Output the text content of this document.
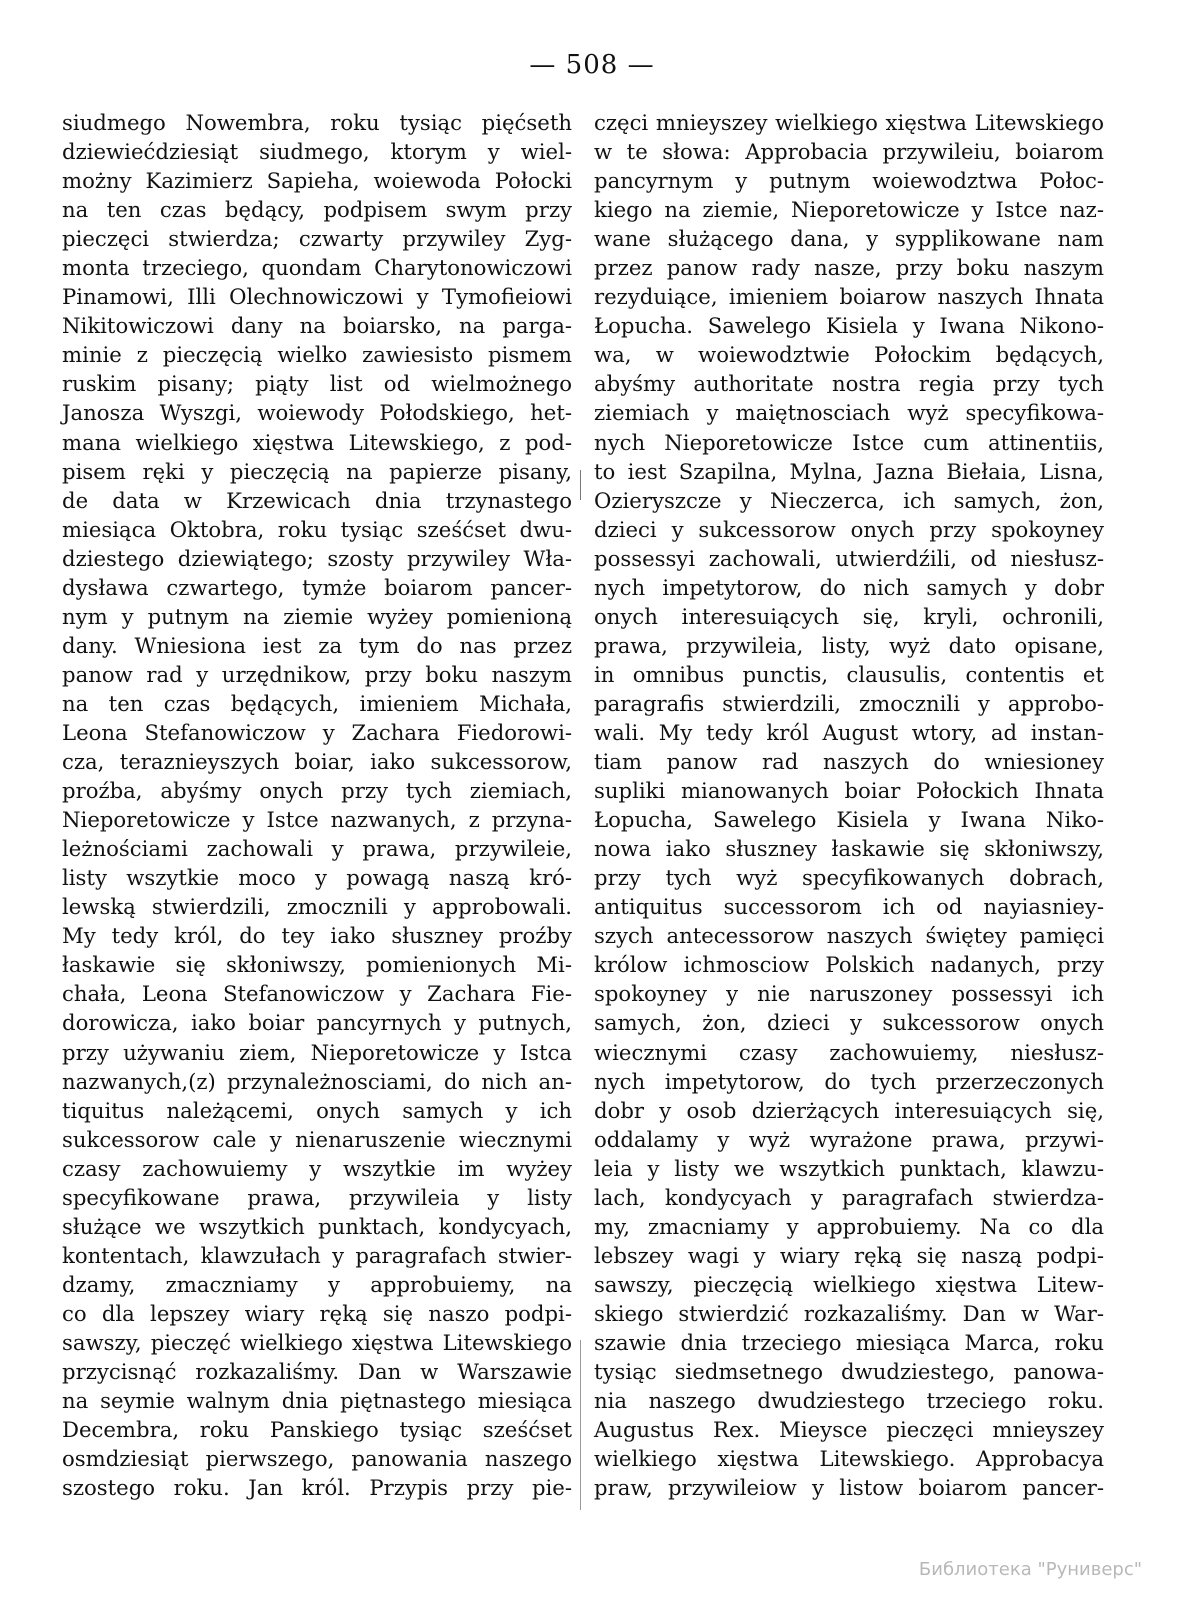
— 508 —
siudmego Nowembra, roku tysiąc pięćseth
dziewiećdziesiąt siudmego, ktorym y wiel-
możny Kazimierz Sapieha, woiewoda Połocki
na ten czas będący, podpisem swym przy
pieczęci stwierdza; czwarty przywiley Zyg-
monta trzeciego, quondam Charytonowiczowi
Pinamowi, Illi Olechnowiczowi y Tymofieiowi
Nikitowiczowi dany na boiarsko, na parga-
minie z pieczęcią wielko zawiesisto pismem
ruskim pisany; piąty list od wielmożnego
Janosza Wyszgi, woiewody Połodskiego, het-
mana wielkiego xięstwa Litewskiego, z pod-
pisem ręki y pieczęcią na papierze pisany,
de data w Krzewicach dnia trzynastego
miesiąca Oktobra, roku tysiąc sześćset dwu-
dziestego dziewiątego; szosty przywiley Wła-
dysława czwartego, tymże boiarom pancer-
nym y putnym na ziemie wyżey pomienioną
dany. Wniesiona iest za tym do nas przez
panow rad y urzędnikow, przy boku naszym
na ten czas będących, imieniem Michała,
Leona Stefanowiczow y Zachara Fiedorowi-
cza, teraznieyszych boiar, iako sukcessorow,
proźba, abyśmy onych przy tych ziemiach,
Nieporetowicze y Istce nazwanych, z przyna-
leżnościami zachowali y prawa, przywileie,
listy wszytkie moco y powagą naszą kró-
lewską stwierdzili, zmocznili y approbowali.
My tedy król, do tey iako słuszney proźby
łaskawie się skłoniwszy, pomienionych Mi-
chała, Leona Stefanowiczow y Zachara Fie-
dorowicza, iako boiar pancyrnych y putnych,
przy używaniu ziem, Nieporetowicze y Istca
nazwanych,(z) przynależnosciami, do nich an-
tiquitus należącemi, onych samych y ich
sukcessorow cale y nienaruszenie wiecznymi
czasy zachowuiemy y wszytkie im wyżey
specyfikowane prawa, przywileia y listy
służące we wszytkich punktach, kondycyach,
kontentach, klawzułach y paragrafach stwier-
dzamy, zmaczniamy y approbuiemy, na
co dla lepszey wiary ręką się naszo podpi-
sawszy, pieczęć wielkiego xięstwa Litewskiego
przycisnąć rozkazaliśmy. Dan w Warszawie
na seymie walnym dnia piętnastego miesiąca
Decembra, roku Panskiego tysiąc sześćset
osmdziesiąt pierwszego, panowania naszego
szostego roku. Jan król. Przypis przy pie-
częci mnieyszey wielkiego xięstwa Litewskiego
w te słowa: Approbacia przywileiu, boiarom
pancyrnym y putnym woiewodztwa Połoc-
kiego na ziemie, Nieporetowicze y Istce naz-
wane służącego dana, y sypplikowane nam
przez panow rady nasze, przy boku naszym
rezyduiące, imieniem boiarow naszych Ihnata
Łopucha. Sawelego Kisiela y Iwana Nikono-
wa, w woiewodztwie Połockim będących,
abyśmy authoritate nostra regia przy tych
ziemiach y maiętnosciach wyż specyfikowa-
nych Nieporetowicze Istce cum attinentiis,
to iest Szapilna, Mylna, Jazna Biełaia, Lisna,
Ozieryszcze y Nieczerca, ich samych, żon,
dzieci y sukcessorow onych przy spokoyney
possessyi zachowali, utwierdźili, od niesłusz-
nych impetytorow, do nich samych y dobr
onych interesuiących się, kryli, ochronili,
prawa, przywileia, listy, wyż dato opisane,
in omnibus punctis, clausulis, contentis et
paragrafis stwierdzili, zmocznili y approbo-
wali. My tedy król August wtory, ad instan-
tiam panow rad naszych do wniesioney
supliki mianowanych boiar Połockich Ihnata
Łopucha, Sawelego Kisiela y Iwana Niko-
nowa iako słuszney łaskawie się skłoniwszy,
przy tych wyż specyfikowanych dobrach,
antiquitus successorom ich od nayiasniey-
szych antecessorow naszych świętey pamięci
królow ichmosciow Polskich nadanych, przy
spokoyney y nie naruszoney possessyi ich
samych, żon, dzieci y sukcessorow onych
wiecznymi czasy zachowuiemy, niesłusz-
nych impetytorow, do tych przerzeczonych
dobr y osob dzierżących interesuiących się,
oddalamy y wyż wyrażone prawa, przywi-
leia y listy we wszytkich punktach, klawzu-
lach, kondycyach y paragrafach stwierdza-
my, zmacniamy y approbuiemy. Na co dla
lebszey wagi y wiary ręką się naszą podpi-
sawszy, pieczęcią wielkiego xięstwa Litew-
skiego stwierdzić rozkazaliśmy. Dan w War-
szawie dnia trzeciego miesiąca Marca, roku
tysiąc siedmsetnego dwudziestego, panowa-
nia naszego dwudziestego trzeciego roku.
Augustus Rex. Mieysce pieczęci mnieyszey
wielkiego xięstwa Litewskiego. Approbacya
praw, przywileiow y listow boiarom pancer-
Библиотека "Руниверс"
